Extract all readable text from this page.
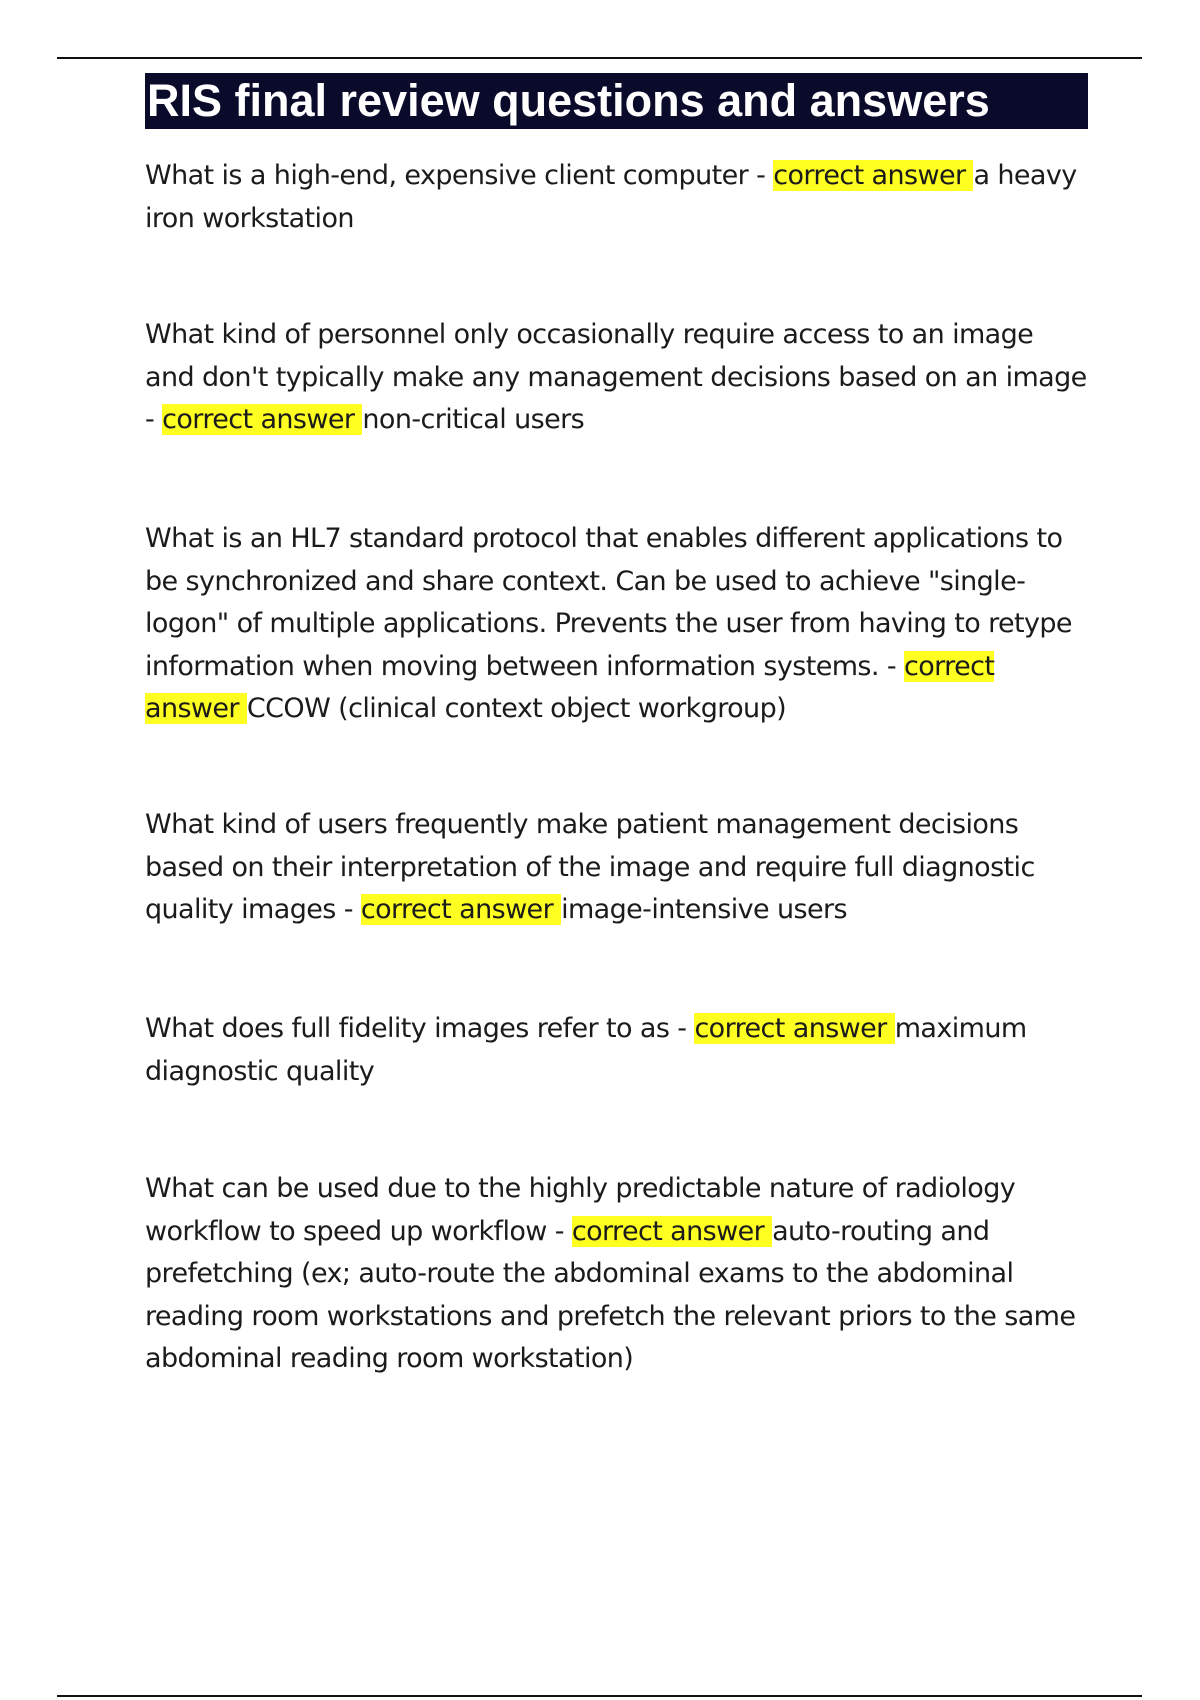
RIS final review questions and answers

What is a high-end, expensive client computer - correct answer a heavy iron workstation

What kind of personnel only occasionally require access to an image and don't typically make any management decisions based on an image - correct answer non-critical users

What is an HL7 standard protocol that enables different applications to be synchronized and share context. Can be used to achieve "single-logon" of multiple applications. Prevents the user from having to retype information when moving between information systems. - correct answer CCOW (clinical context object workgroup)

What kind of users frequently make patient management decisions based on their interpretation of the image and require full diagnostic quality images - correct answer image-intensive users

What does full fidelity images refer to as - correct answer maximum diagnostic quality

What can be used due to the highly predictable nature of radiology workflow to speed up workflow - correct answer auto-routing and prefetching (ex; auto-route the abdominal exams to the abdominal reading room workstations and prefetch the relevant priors to the same abdominal reading room workstation)
